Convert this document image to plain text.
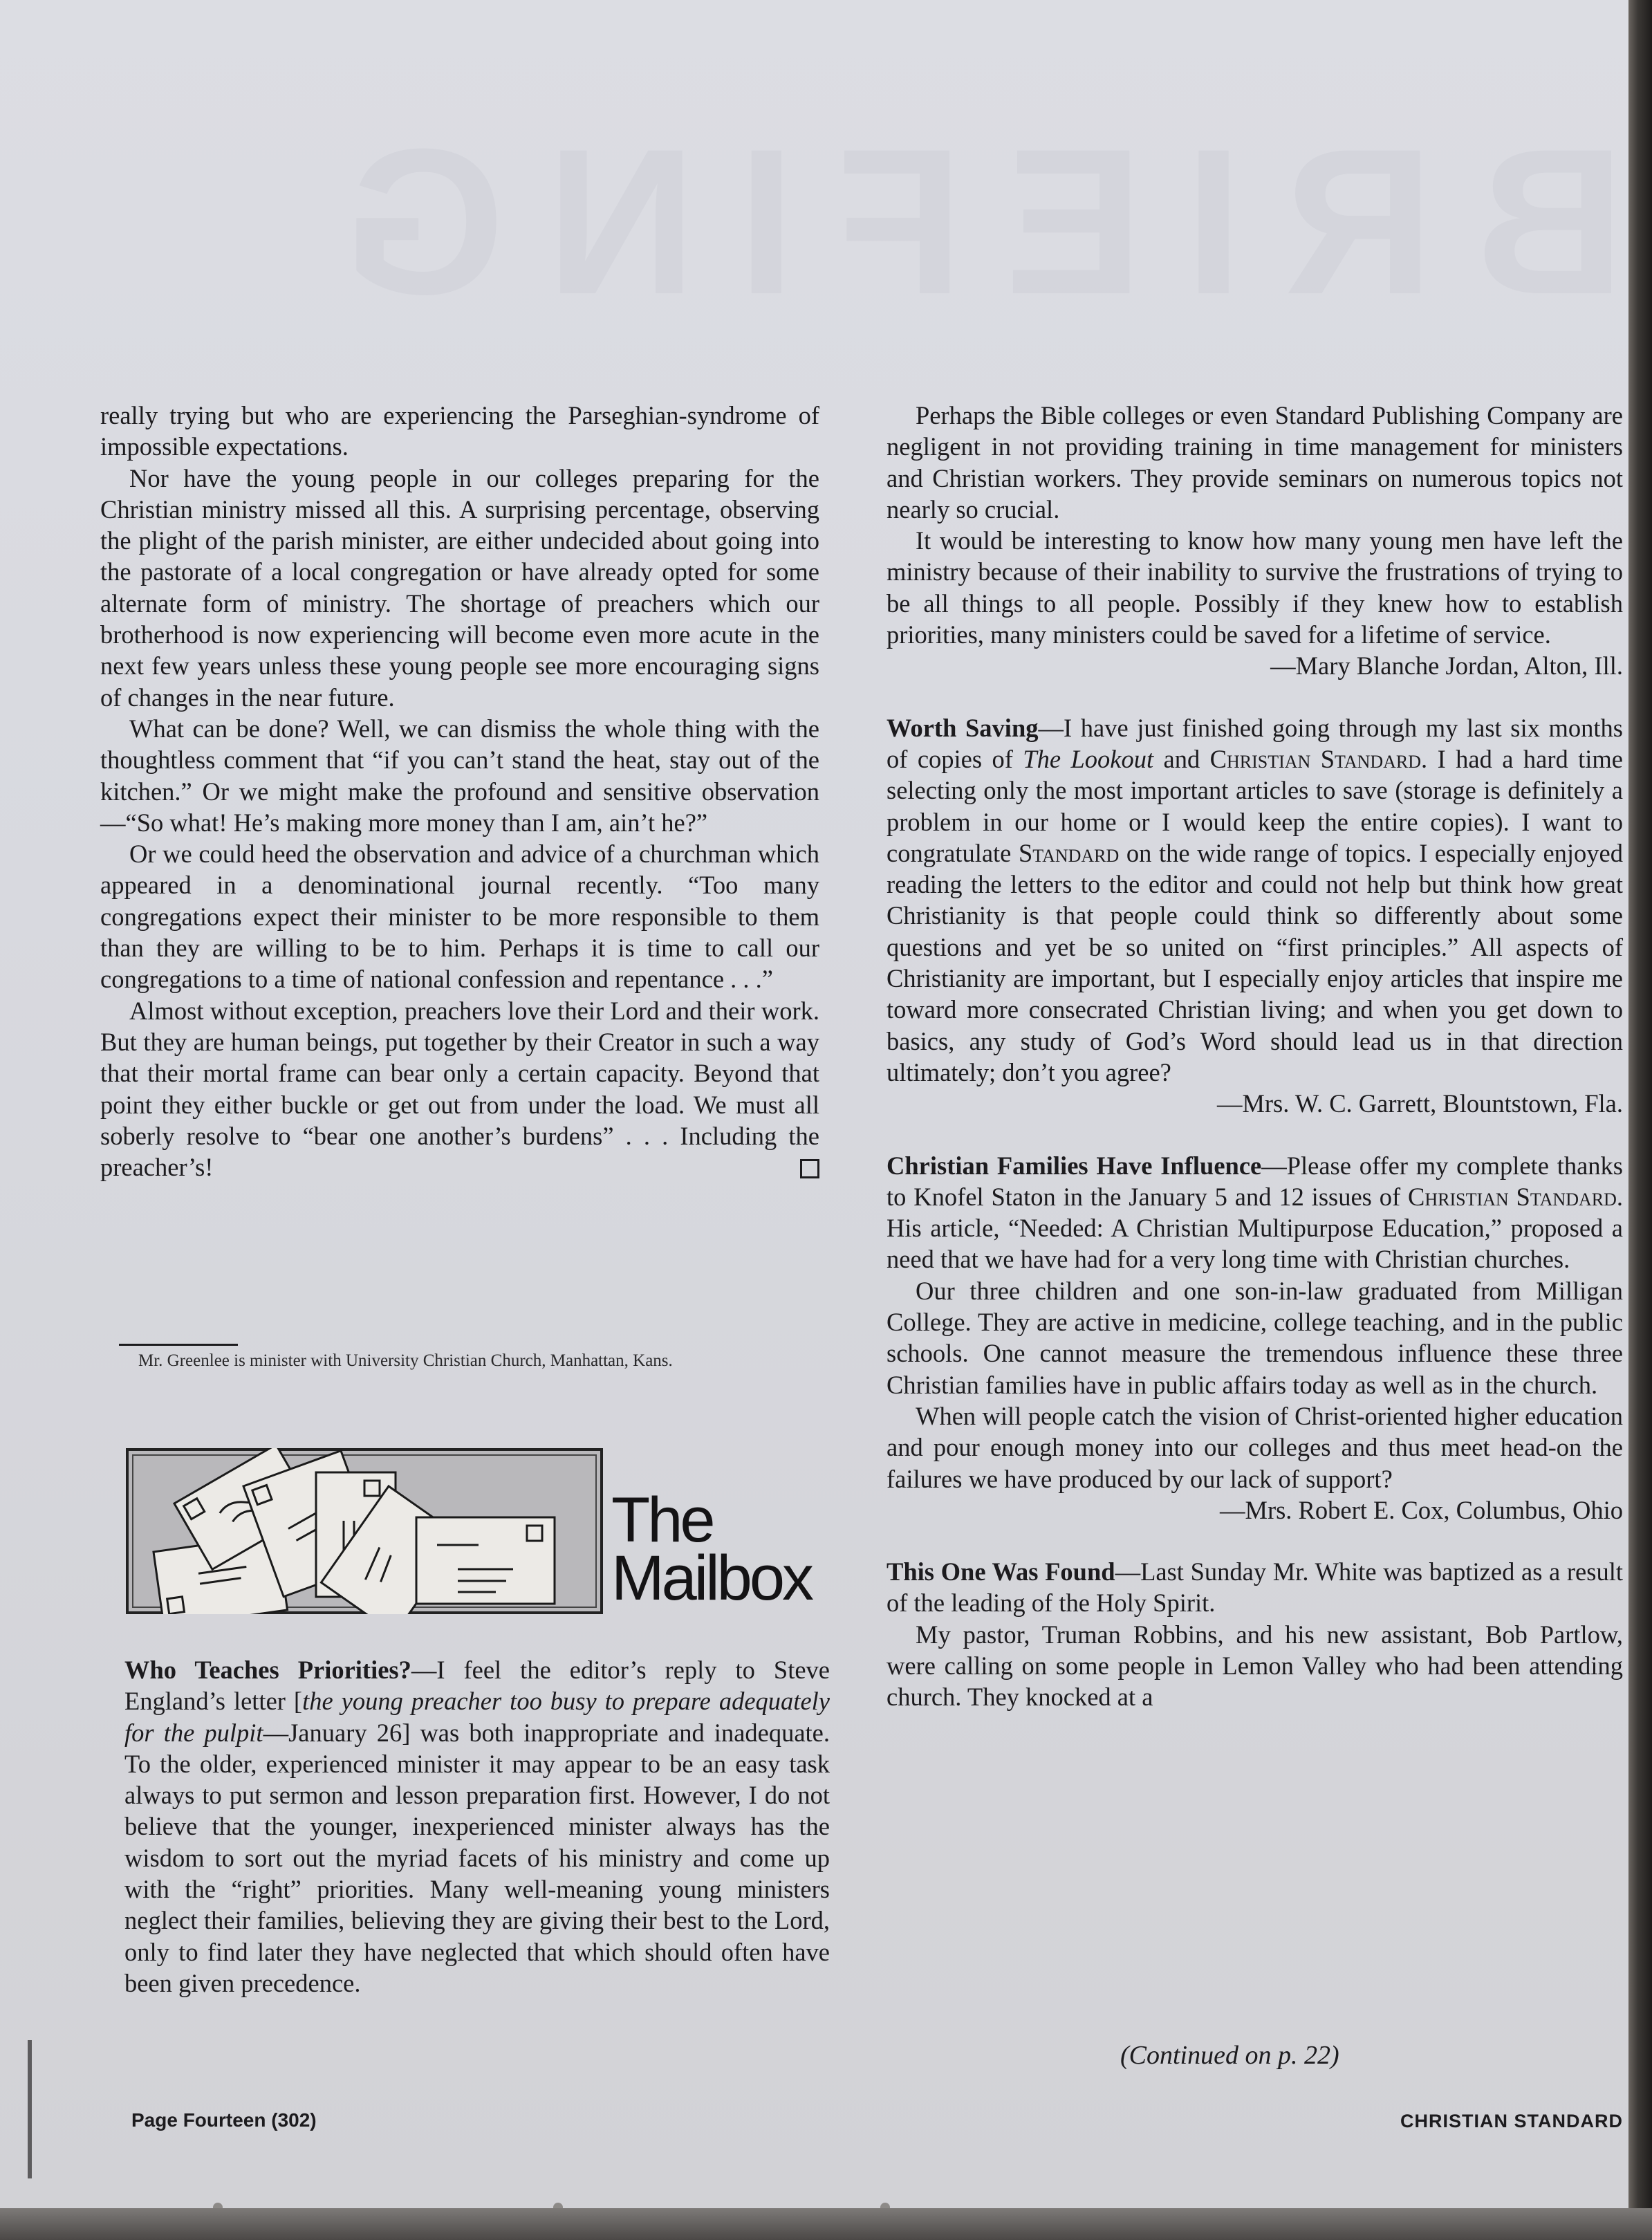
BRIEFING

really trying but who are experiencing the Parseghian-syndrome of impossible expectations.

Nor have the young people in our colleges preparing for the Christian ministry missed all this. A surprising percentage, observing the plight of the parish minister, are either undecided about going into the pastorate of a local congregation or have already opted for some alternate form of ministry. The shortage of preachers which our brotherhood is now experiencing will become even more acute in the next few years unless these young people see more encouraging signs of changes in the near future.

What can be done? Well, we can dismiss the whole thing with the thoughtless comment that “if you can’t stand the heat, stay out of the kitchen.” Or we might make the profound and sensitive observation—“So what! He’s making more money than I am, ain’t he?”

Or we could heed the observation and advice of a churchman which appeared in a denominational journal recently. “Too many congregations expect their minister to be more responsible to them than they are willing to be to him. Perhaps it is time to call our congregations to a time of national confession and repentance . . .”

Almost without exception, preachers love their Lord and their work. But they are human beings, put together by their Creator in such a way that their mortal frame can bear only a certain capacity. Beyond that point they either buckle or get out from under the load. We must all soberly resolve to “bear one another’s burdens” . . . Including the preacher’s!

Mr. Greenlee is minister with University Christian Church, Manhattan, Kans.
The
Mailbox

Who Teaches Priorities?—I feel the editor’s reply to Steve England’s letter [the young preacher too busy to prepare adequately for the pulpit—January 26] was both inappropriate and inadequate. To the older, experienced minister it may appear to be an easy task always to put sermon and lesson preparation first. However, I do not believe that the younger, inexperienced minister always has the wisdom to sort out the myriad facets of his ministry and come up with the “right” priorities. Many well-meaning young ministers neglect their families, believing they are giving their best to the Lord, only to find later they have neglected that which should often have been given precedence.

Perhaps the Bible colleges or even Standard Publishing Company are negligent in not providing training in time management for ministers and Christian workers. They provide seminars on numerous topics not nearly so crucial.

It would be interesting to know how many young men have left the ministry because of their inability to survive the frustrations of trying to be all things to all people. Possibly if they knew how to establish priorities, many ministers could be saved for a lifetime of service.

—Mary Blanche Jordan, Alton, Ill.

Worth Saving—I have just finished going through my last six months of copies of The Lookout and Christian Standard. I had a hard time selecting only the most important articles to save (storage is definitely a problem in our home or I would keep the entire copies). I want to congratulate Standard on the wide range of topics. I especially enjoyed reading the letters to the editor and could not help but think how great Christianity is that people could think so differently about some questions and yet be so united on “first principles.” All aspects of Christianity are important, but I especially enjoy articles that inspire me toward more consecrated Christian living; and when you get down to basics, any study of God’s Word should lead us in that direction ultimately; don’t you agree?

—Mrs. W. C. Garrett, Blountstown, Fla.

Christian Families Have Influence—Please offer my complete thanks to Knofel Staton in the January 5 and 12 issues of Christian Standard. His article, “Needed: A Christian Multipurpose Education,” proposed a need that we have had for a very long time with Christian churches.

Our three children and one son-in-law graduated from Milligan College. They are active in medicine, college teaching, and in the public schools. One cannot measure the tremendous influence these three Christian families have in public affairs today as well as in the church.

When will people catch the vision of Christ-oriented higher education and pour enough money into our colleges and thus meet head-on the failures we have produced by our lack of support?

—Mrs. Robert E. Cox, Columbus, Ohio

This One Was Found—Last Sunday Mr. White was baptized as a result of the leading of the Holy Spirit.

My pastor, Truman Robbins, and his new assistant, Bob Partlow, were calling on some people in Lemon Valley who had been attending church. They knocked at a

(Continued on p. 22)
Page Fourteen (302)	CHRISTIAN STANDARD
